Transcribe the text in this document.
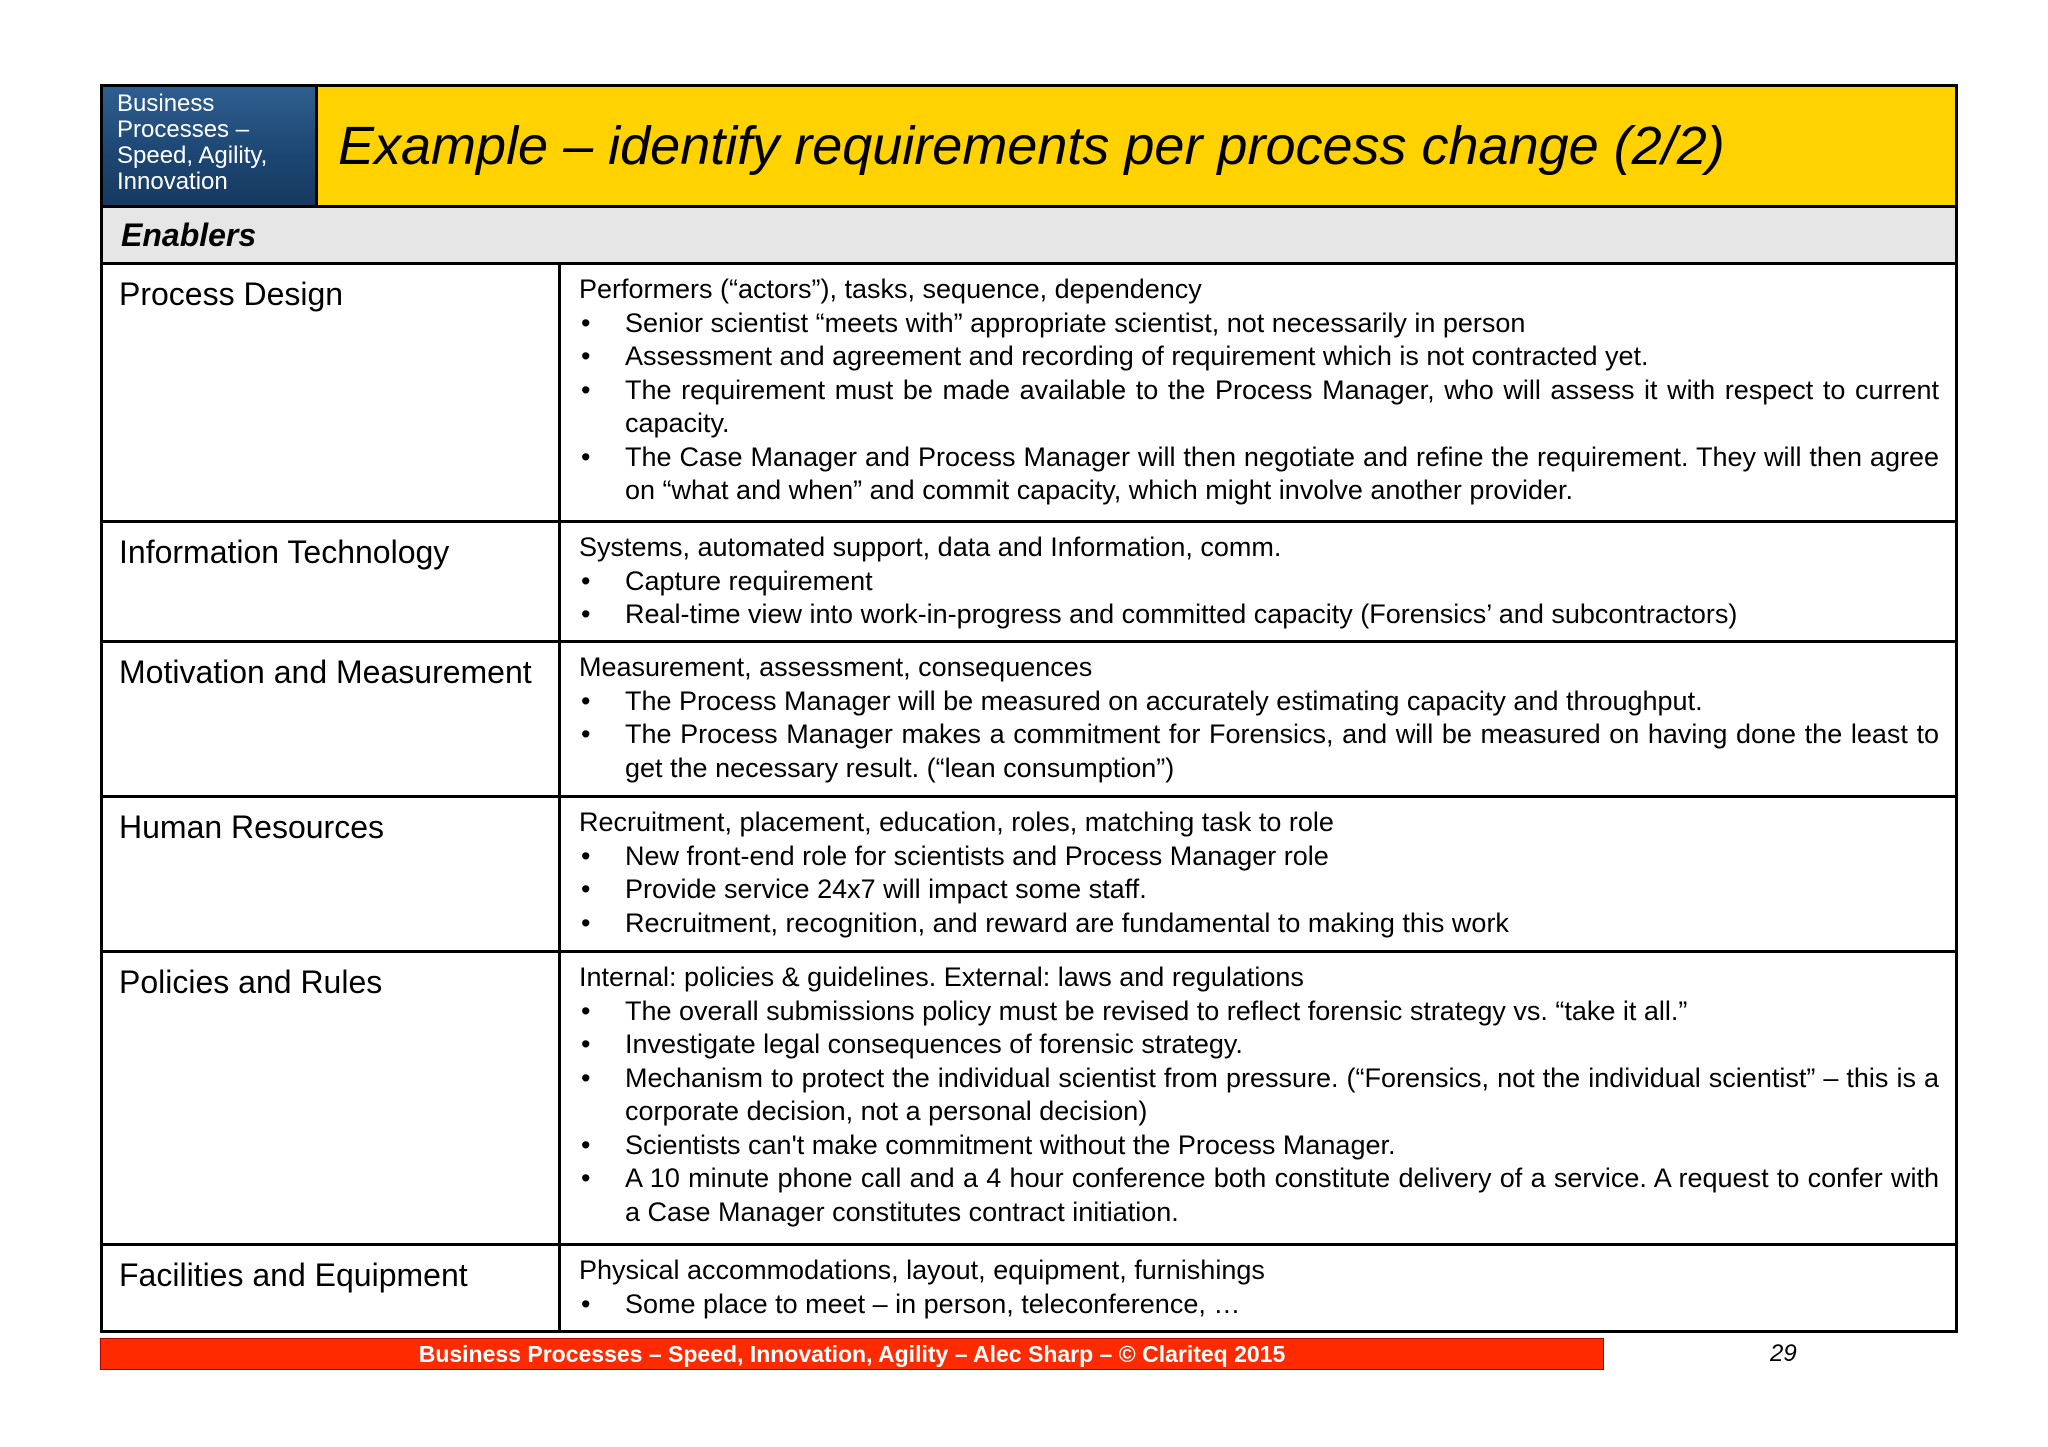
Business
Processes –
Speed, Agility,
Innovation
Example – identify requirements per process change (2/2)
Enablers
Process Design	Performers (“actors”), tasks, sequence, dependency
•	Senior scientist “meets with” appropriate scientist, not necessarily in person
•	Assessment and agreement and recording of requirement which is not contracted yet.
•	The requirement must be made available to the Process Manager, who will assess it with respect to current capacity.
•	The Case Manager and Process Manager will then negotiate and refine the requirement. They will then agree on “what and when” and commit capacity, which might involve another provider.
Information Technology	Systems, automated support, data and Information, comm.
•	Capture requirement
•	Real-time view into work-in-progress and committed capacity (Forensics’ and subcontractors)
Motivation and Measurement	Measurement, assessment, consequences
•	The Process Manager will be measured on accurately estimating capacity and throughput.
•	The Process Manager makes a commitment for Forensics, and will be measured on having done the least to get the necessary result. (“lean consumption”)
Human Resources	Recruitment, placement, education, roles, matching task to role
•	New front-end role for scientists and Process Manager role
•	Provide service 24x7 will impact some staff.
•	Recruitment, recognition, and reward are fundamental to making this work
Policies and Rules	Internal: policies & guidelines. External: laws and regulations
•	The overall submissions policy must be revised to reflect forensic strategy vs. “take it all.”
•	Investigate legal consequences of forensic strategy.
•	Mechanism to protect the individual scientist from pressure. (“Forensics, not the individual scientist” – this is a corporate decision, not a personal decision)
•	Scientists can't make commitment without the Process Manager.
•	A 10 minute phone call and a 4 hour conference both constitute delivery of a service. A request to confer with a Case Manager constitutes contract initiation.
Facilities and Equipment	Physical accommodations, layout, equipment, furnishings
•	Some place to meet – in person, teleconference, …
Business Processes – Speed, Innovation, Agility – Alec Sharp – © Clariteq 2015	29
